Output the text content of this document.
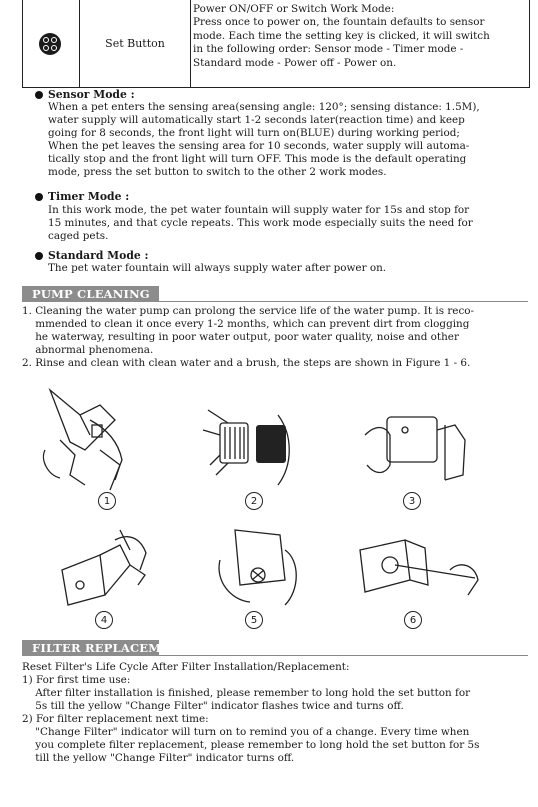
Set Button
Power ON/OFF or Switch Work Mode:
Press once to power on, the fountain defaults to sensor
mode. Each time the setting key is clicked, it will switch
in the following order: Sensor mode - Timer mode -
Standard mode - Power off - Power on.
Sensor Mode :
When a pet enters the sensing area(sensing angle: 120°; sensing distance: 1.5M),
water supply will automatically start 1-2 seconds later(reaction time) and keep
going for 8 seconds, the front light will turn on(BLUE) during working period;
When the pet leaves the sensing area for 10 seconds, water supply will automa-
tically stop and the front light will turn OFF. This mode is the default operating
mode, press the set button to switch to the other 2 work modes.
Timer Mode :
In this work mode, the pet water fountain will supply water for 15s and stop for
15 minutes, and that cycle repeats. This work mode especially suits the need for
caged pets.
Standard Mode :
The pet water fountain will always supply water after power on.
PUMP CLEANING
1. Cleaning the water pump can prolong the service life of the water pump. It is reco-
mmended to clean it once every 1-2 months, which can prevent dirt from clogging
he waterway, resulting in poor water output, poor water quality, noise and other
abnormal phenomena.
2. Rinse and clean with clean water and a brush, the steps are shown in Figure 1 - 6.
1	2	3
4	5	6
FILTER REPLACEMENT
Reset Filter's Life Cycle After Filter Installation/Replacement:
1) For first time use:
After filter installation is finished, please remember to long hold the set button for
5s till the yellow "Change Filter" indicator flashes twice and turns off.
2) For filter replacement next time:
"Change Filter" indicator will turn on to remind you of a change. Every time when
you complete filter replacement, please remember to long hold the set button for 5s
till the yellow "Change Filter" indicator turns off.
